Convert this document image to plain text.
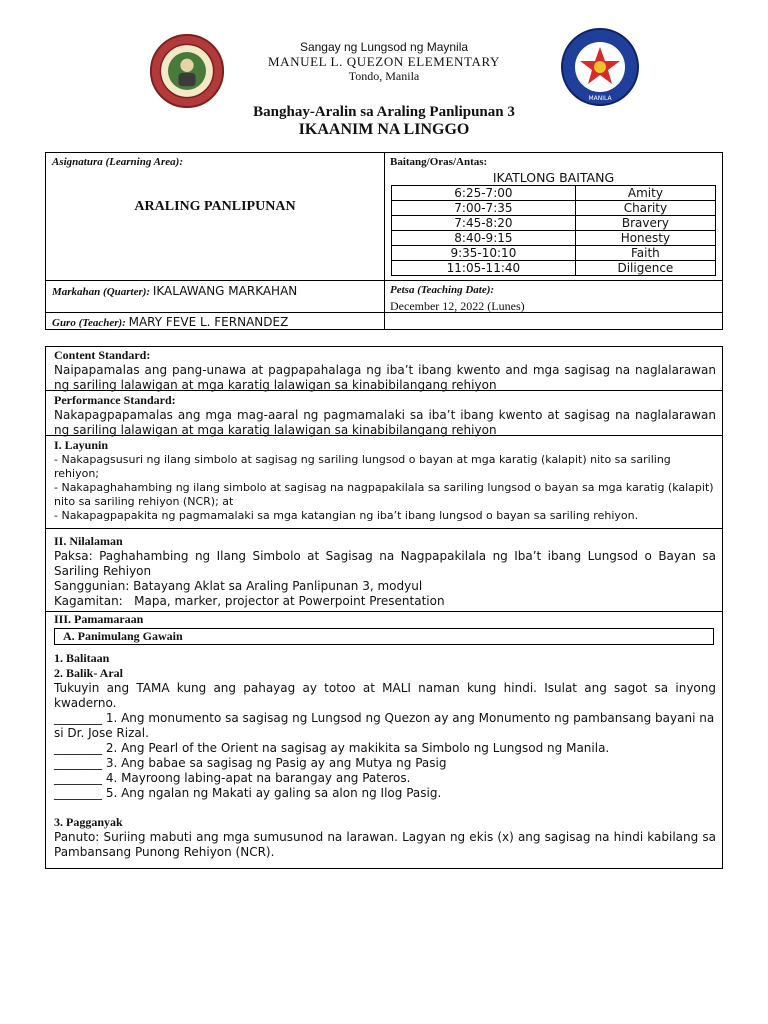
MANILA
Sangay ng Lungsod ng Maynila
MANUEL L. QUEZON ELEMENTARY
Tondo, Manila
Banghay-Aralin sa Araling Panlipunan 3
IKAANIM NA LINGGO
Asignatura (Learning Area):
ARALING PANLIPUNAN
Baitang/Oras/Antas:
IKATLONG BAITANG
Markahan (Quarter): IKALAWANG MARKAHAN	Petsa (Teaching Date):
December 12, 2022 (Lunes)
Guro (Teacher): MARY FEVE L. FERNANDEZ
6:25-7:00	Amity
7:00-7:35	Charity
7:45-8:20	Bravery
8:40-9:15	Honesty
9:35-10:10	Faith
11:05-11:40	Diligence
Content Standard:
Naipapamalas ang pang-unawa at pagpapahalaga ng iba’t ibang kwento and mga sagisag na naglalarawan ng sariling lalawigan at mga karatig lalawigan sa kinabibilangang rehiyon
Performance Standard:
Nakapagpapamalas ang mga mag-aaral ng pagmamalaki sa iba’t ibang kwento at sagisag na naglalarawan ng sariling lalawigan at mga karatig lalawigan sa kinabibilangang rehiyon
I. Layunin
- Nakapagsusuri ng ilang simbolo at sagisag ng sariling lungsod o bayan at mga karatig (kalapit) nito sa sariling rehiyon;
- Nakapaghahambing ng ilang simbolo at sagisag na nagpapakilala sa sariling lungsod o bayan sa mga karatig (kalapit) nito sa sariling rehiyon (NCR); at
- Nakapagpapakita ng pagmamalaki sa mga katangian ng iba’t ibang lungsod o bayan sa sariling rehiyon.
II. Nilalaman
Paksa: Paghahambing ng Ilang Simbolo at Sagisag na Nagpapakilala ng Iba’t ibang Lungsod o Bayan sa Sariling Rehiyon
Sanggunian: Batayang Aklat sa Araling Panlipunan 3, modyul
Kagamitan:   Mapa, marker, projector at Powerpoint Presentation
III. Pamamaraan
A. Panimulang Gawain
1. Balitaan
2. Balik- Aral
Tukuyin ang TAMA kung ang pahayag ay totoo at MALI naman kung hindi. Isulat ang sagot sa inyong kwaderno.
________ 1. Ang monumento sa sagisag ng Lungsod ng Quezon ay ang Monumento ng pambansang bayani na si Dr. Jose Rizal.
________ 2. Ang Pearl of the Orient na sagisag ay makikita sa Simbolo ng Lungsod ng Manila.
________ 3. Ang babae sa sagisag ng Pasig ay ang Mutya ng Pasig
________ 4. Mayroong labing-apat na barangay ang Pateros.
________ 5. Ang ngalan ng Makati ay galing sa alon ng Ilog Pasig.
3. Pagganyak
Panuto: Suriing mabuti ang mga sumusunod na larawan. Lagyan ng ekis (x) ang sagisag na hindi kabilang sa Pambansang Punong Rehiyon (NCR).
